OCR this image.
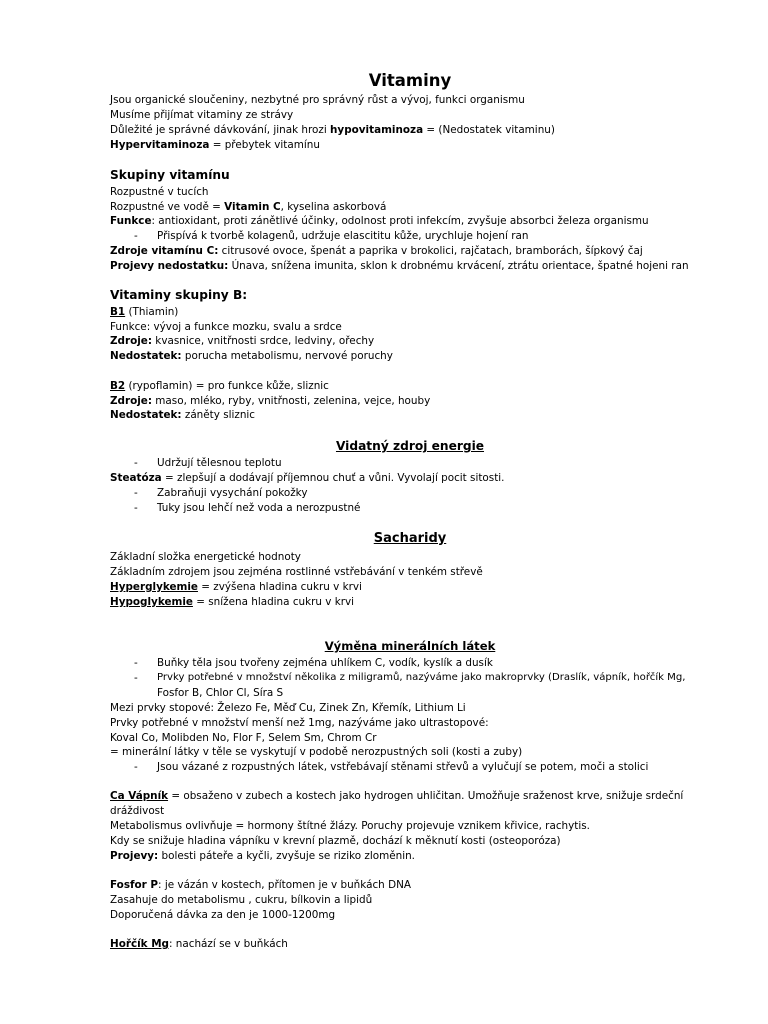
Vitaminy
Jsou organické sloučeniny, nezbytné pro správný růst a vývoj, funkci organismu
Musíme přijímat vitaminy ze strávy
Důležité je správné dávkování, jinak hrozi hypovitaminoza = (Nedostatek vitaminu)
Hypervitaminoza = přebytek vitamínu
Skupiny vitamínu
Rozpustné v tucích
Rozpustné ve vodě = Vitamin C, kyselina askorbová
Funkce: antioxidant, proti zánětlivé účinky, odolnost proti infekcím, zvyšuje absorbci železa organismu
- Přispívá k tvorbě kolagenů, udržuje elascititu kůže, urychluje hojení ran
Zdroje vitamínu C: citrusové ovoce, špenát a paprika v brokolici, rajčatach, bramborách, šípkový čaj
Projevy nedostatku: Únava, snížena imunita, sklon k drobnému krvácení, ztrátu orientace, špatné hojeni ran
Vitaminy skupiny B:
B1 (Thiamin)
Funkce: vývoj a funkce mozku, svalu a srdce
Zdroje: kvasnice, vnitřnosti srdce, ledviny, ořechy
Nedostatek: porucha metabolismu, nervové poruchy
B2 (rypoflamin) = pro funkce kůže, sliznic
Zdroje: maso, mléko, ryby, vnitřnosti, zelenina, vejce, houby
Nedostatek: záněty sliznic
Vidatný zdroj energie
- Udržují tělesnou teplotu
Steatóza = zlepšují a dodávají příjemnou chuť a vůni. Vyvolají pocit sitosti.
- Zabraňuji vysychání pokožky
- Tuky jsou lehčí než voda a nerozpustné
Sacharidy
Základní složka energetické hodnoty
Základním zdrojem jsou zejména rostlinné vstřebávání v tenkém střevě
Hyperglykemie = zvýšena hladina cukru v krvi
Hypoglykemie = snížena hladina cukru v krvi
Výměna minerálních látek
- Buňky těla jsou tvořeny zejména uhlíkem C, vodík, kyslík a dusík
- Prvky potřebné v množství několika z miligramů, nazýváme jako makroprvky (Draslík, vápník, hořčík Mg,
Fosfor B, Chlor Cl, Síra S
Mezi prvky stopové: Železo Fe, Měď Cu, Zinek Zn, Křemík, Lithium Li
Prvky potřebné v množství menší než 1mg, nazýváme jako ultrastopové:
Koval Co, Molibden No, Flor F, Selem Sm, Chrom Cr
= minerální látky v těle se vyskytují v podobě nerozpustných soli (kosti a zuby)
- Jsou vázané z rozpustných látek, vstřebávají stěnami střevů a vylučují se potem, moči a stolici
Ca Vápník = obsaženo v zubech a kostech jako hydrogen uhličitan. Umožňuje sraženost krve, snižuje srdeční
dráždivost
Metabolismus ovlivňuje = hormony štítné žlázy. Poruchy projevuje vznikem křivice, rachytis.
Kdy se snižuje hladina vápníku v krevní plazmě, dochází k měknutí kosti (osteoporóza)
Projevy: bolesti páteře a kyčli, zvyšuje se riziko zloměnin.
Fosfor P: je vázán v kostech, přítomen je v buňkách DNA
Zasahuje do metabolismu , cukru, bílkovin a lipidů
Doporučená dávka za den je 1000-1200mg
Hořčík Mg: nachází se v buňkách
